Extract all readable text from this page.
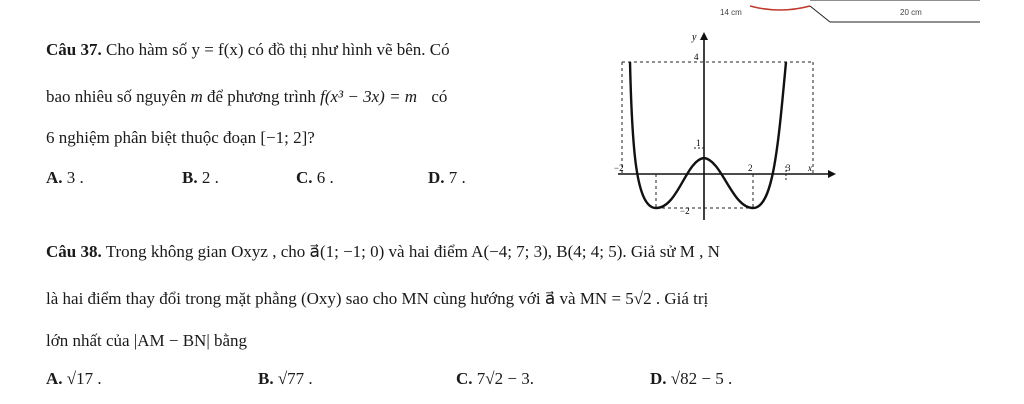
14 cm	20 cm
Câu 37. Cho hàm số y = f(x) có đồ thị như hình vẽ bên. Có
bao nhiêu số nguyên m để phương trình f(x³ − 3x) = m có
6 nghiệm phân biệt thuộc đoạn [−1; 2]?
A. 3 .	B. 2 .	C. 6 .	D. 7 .
y
4
1
−2	2	3 x
−2
Câu 38. Trong không gian Oxyz , cho a⃗(1; −1; 0) và hai điểm A(−4; 7; 3), B(4; 4; 5). Giả sử M , N
là hai điểm thay đổi trong mặt phẳng (Oxy) sao cho MN cùng hướng với a⃗ và MN = 5√2 . Giá trị
lớn nhất của |AM − BN| bằng
A. √17 .	B. √77 .	C. 7√2 − 3.	D. √82 − 5 .
